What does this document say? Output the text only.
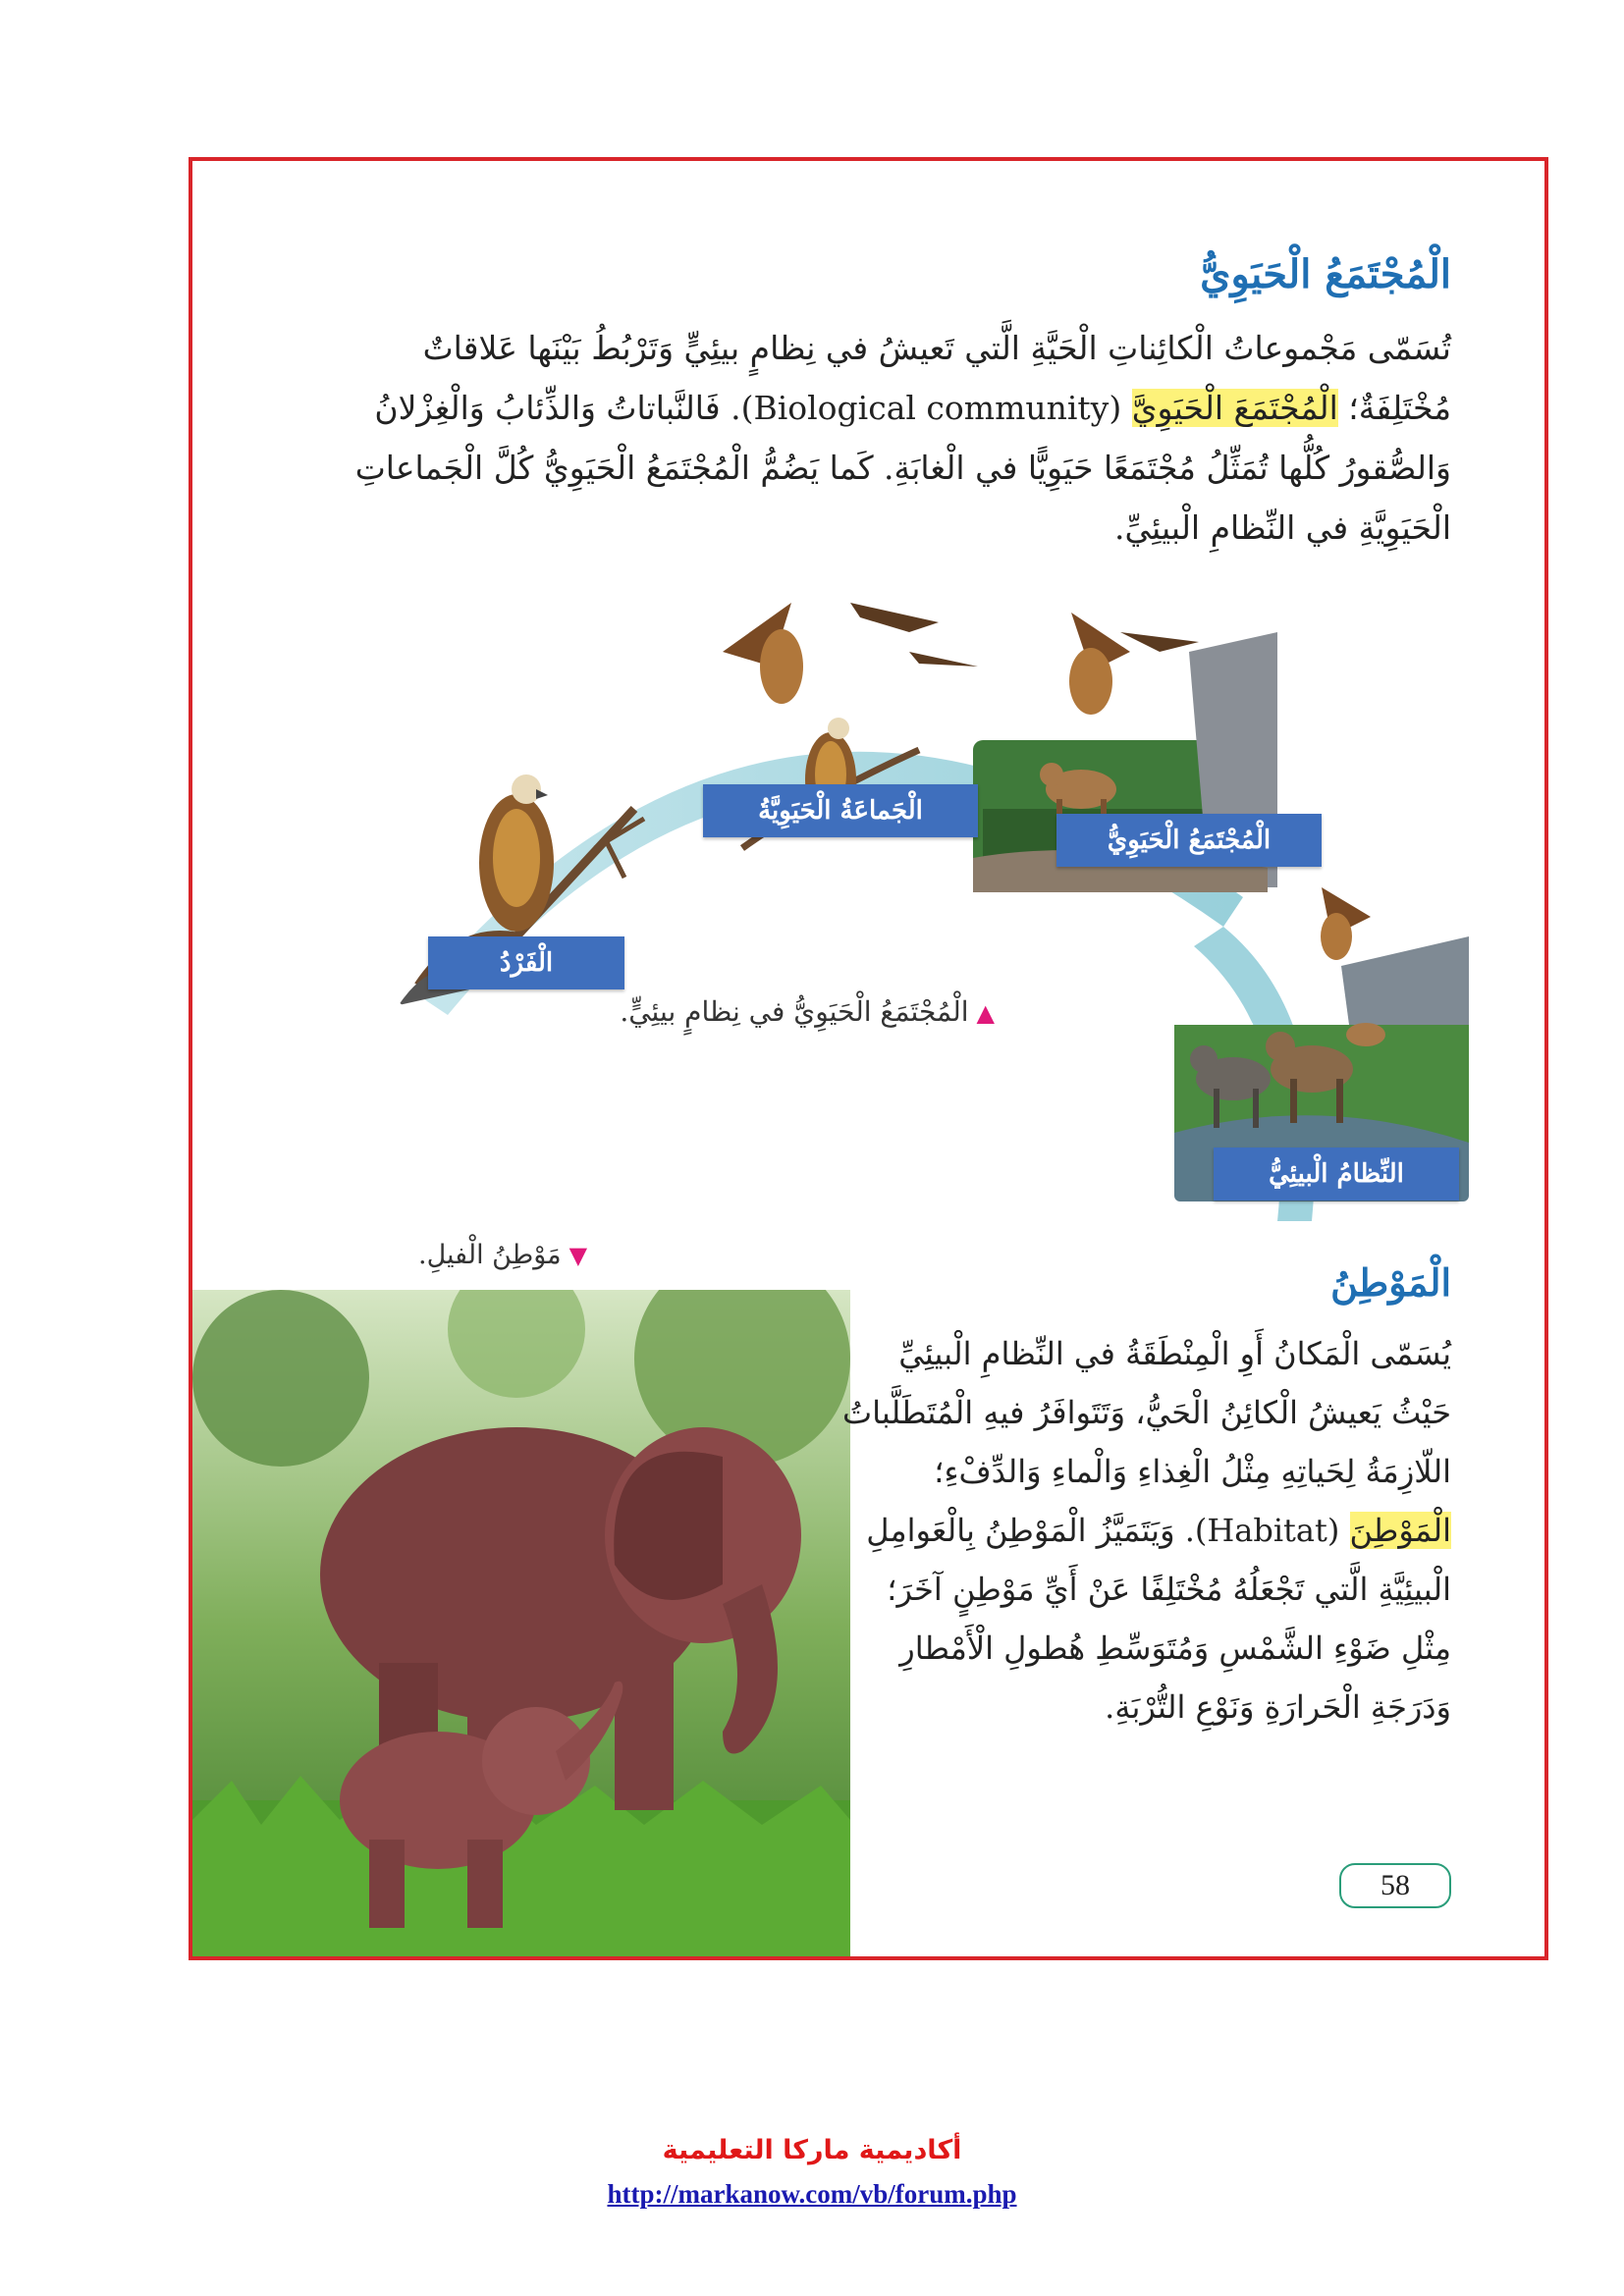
الْمُجْتَمَعُ الْحَيَوِيُّ

تُسَمّى مَجْموعاتُ الْكائِناتِ الْحَيَّةِ الَّتي تَعيشُ في نِظامٍ بيئِيٍّ وَتَرْبُطُ بَيْنَها عَلاقاتٌ مُخْتَلِفَةٌ؛ الْمُجْتَمَعَ الْحَيَوِيَّ (Biological community). فَالنَّباتاتُ وَالذِّئابُ وَالْغِزْلانُ وَالصُّقورُ كُلُّها تُمَثِّلُ مُجْتَمَعًا حَيَوِيًّا في الْغابَةِ. كَما يَضُمُّ الْمُجْتَمَعُ الْحَيَوِيُّ كُلَّ الْجَماعاتِ الْحَيَوِيَّةِ في النِّظامِ الْبيئِيِّ.

الْفَرْدُ
الْجَماعَةُ الْحَيَوِيَّةُ
الْمُجْتَمَعُ الْحَيَوِيُّ
النِّظامُ الْبيئِيُّ
▲الْمُجْتَمَعُ الْحَيَوِيُّ في نِظامٍ بيئِيٍّ.
▼مَوْطِنُ الْفيلِ.
الْمَوْطِنُ

يُسَمّى الْمَكانُ أَوِ الْمِنْطَقَةُ في النِّظامِ الْبيئِيِّ حَيْثُ يَعيشُ الْكائِنُ الْحَيُّ، وَتَتَوافَرُ فيهِ الْمُتَطَلَّباتُ اللّازِمَةُ لِحَياتِهِ مِثْلُ الْغِذاءِ وَالْماءِ وَالدِّفْءِ؛ الْمَوْطِنَ (Habitat). وَيَتَمَيَّزُ الْمَوْطِنُ بِالْعَوامِلِ الْبيئِيَّةِ الَّتي تَجْعَلُهُ مُخْتَلِفًا عَنْ أَيِّ مَوْطِنٍ آخَرَ؛ مِثْلِ ضَوْءِ الشَّمْسِ وَمُتَوَسِّطِ هُطولِ الْأَمْطارِ وَدَرَجَةِ الْحَرارَةِ وَنَوْعِ التُّرْبَةِ.

58
أكاديمية ماركا التعليمية
http://markanow.com/vb/forum.php
